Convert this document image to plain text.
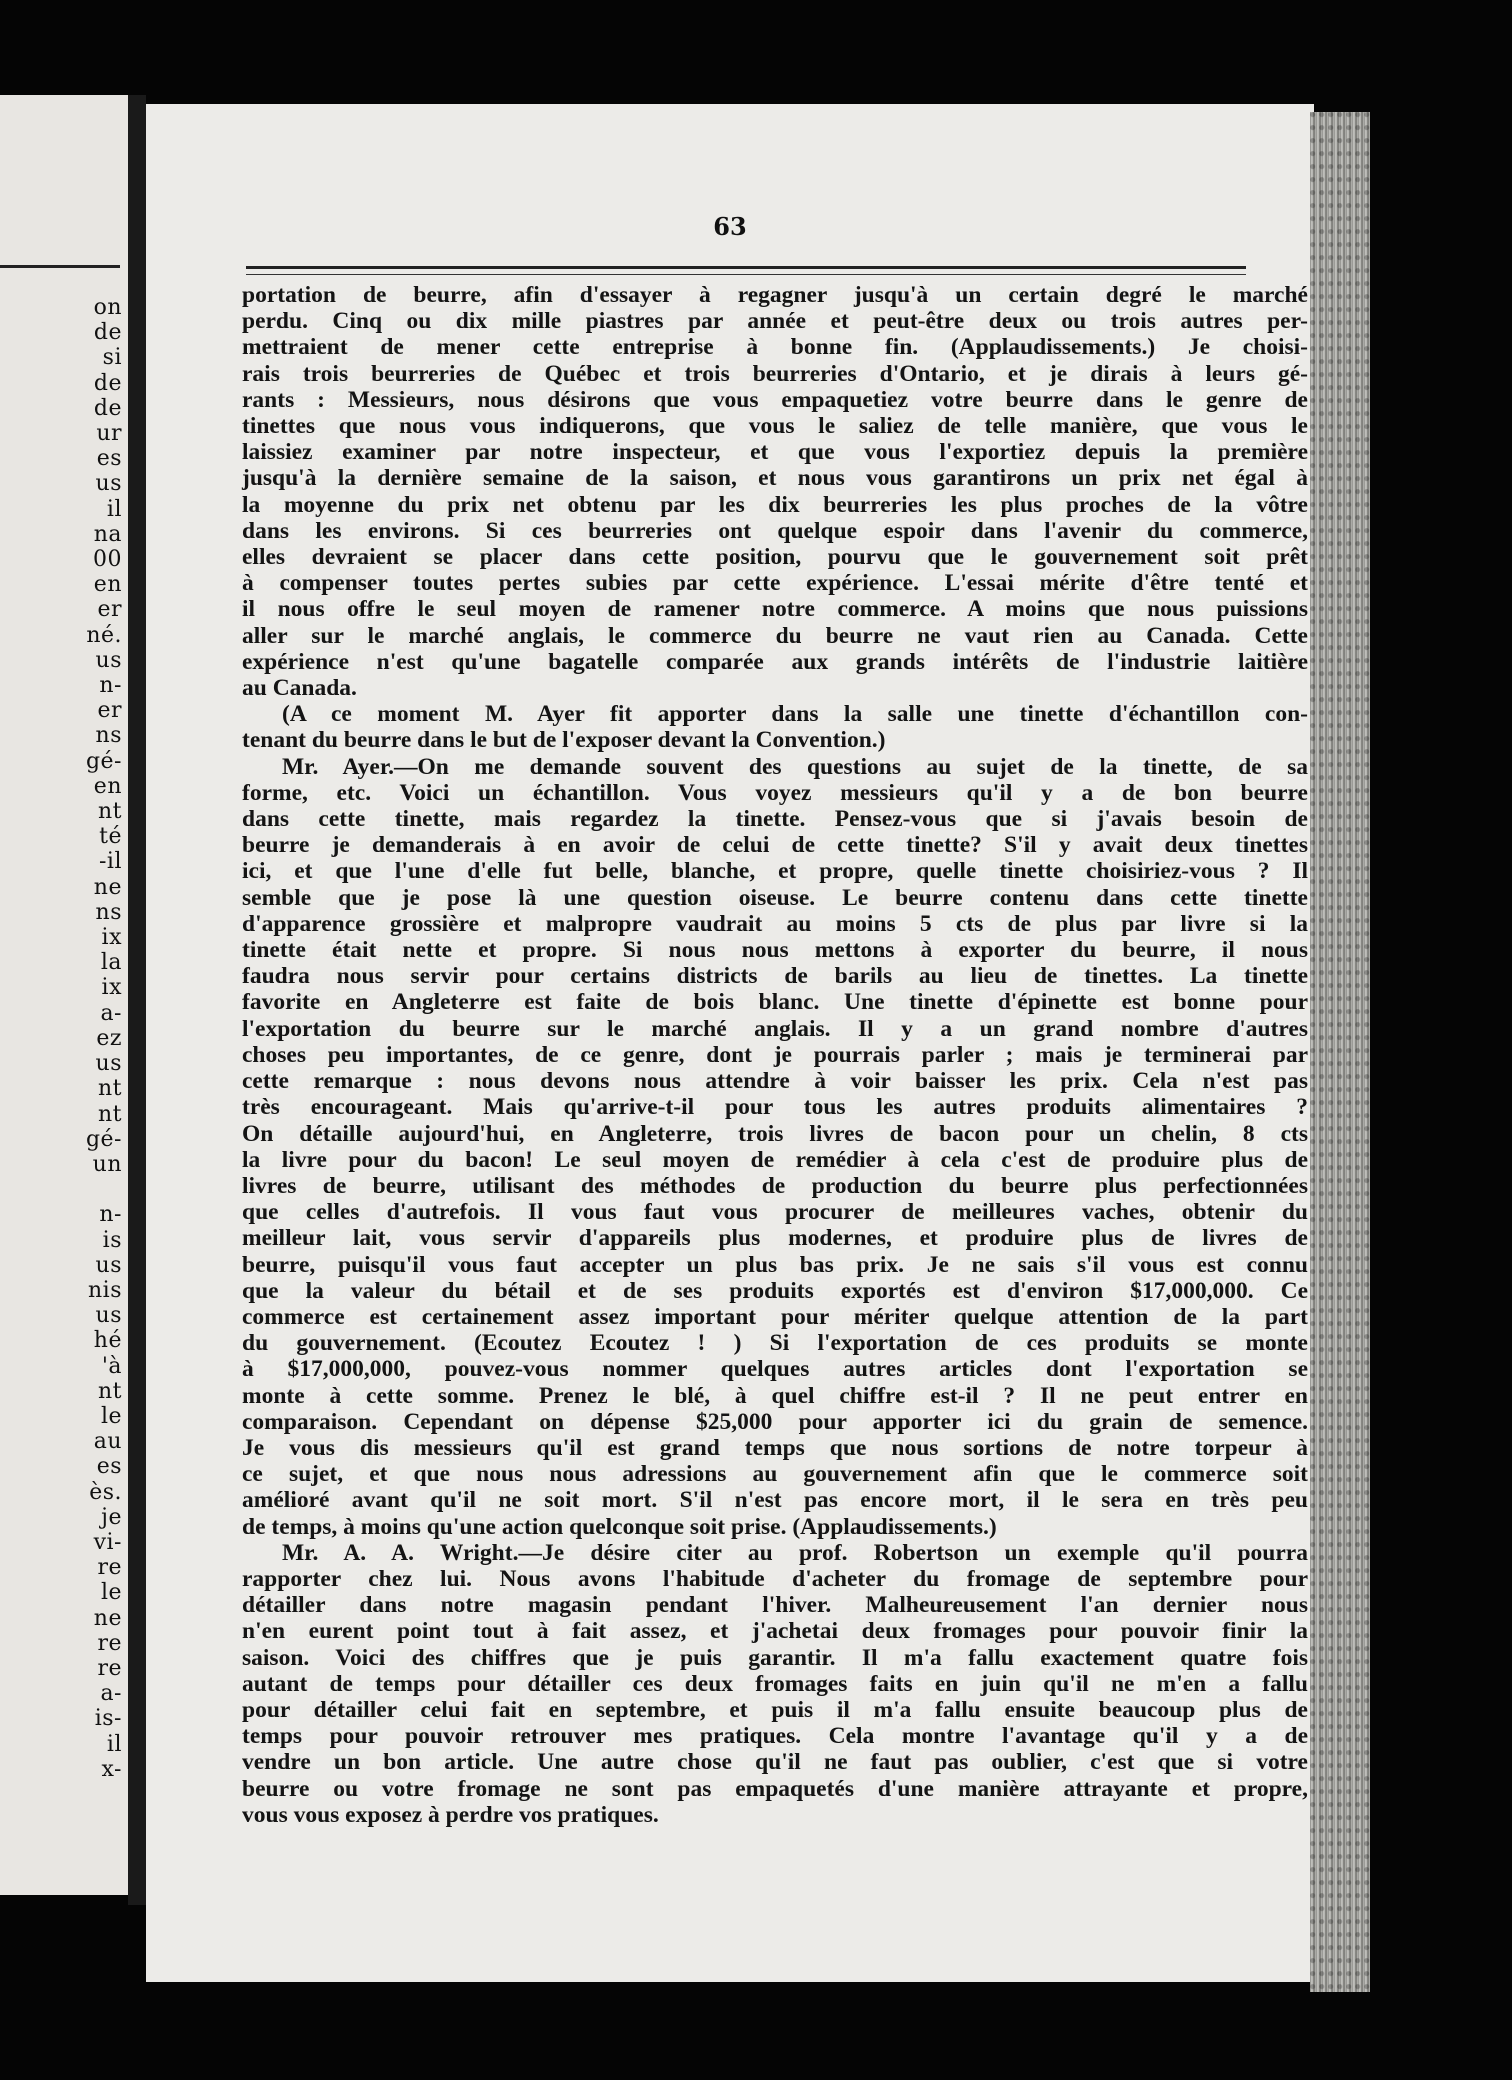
on
de
si
de
de
ur
es
us
il
na
00
en
er
né.
us
n-
er
ns
gé-
en
nt
té
-il
ne
ns
ix
la
ix
a-
ez
us
nt
nt
gé-
un

n-
is
us
nis
us
hé
'à
nt
le
au
es
ès.
je
vi-
re
le
ne
re
re
a-
is-
il
x-
63
portation de beurre, afin d'essayer à regagner jusqu'à un certain degré le marché
perdu. Cinq ou dix mille piastres par année et peut-être deux ou trois autres per-
mettraient de mener cette entreprise à bonne fin. (Applaudissements.) Je choisi-
rais trois beurreries de Québec et trois beurreries d'Ontario, et je dirais à leurs gé-
rants : Messieurs, nous désirons que vous empaquetiez votre beurre dans le genre de
tinettes que nous vous indiquerons, que vous le saliez de telle manière, que vous le
laissiez examiner par notre inspecteur, et que vous l'exportiez depuis la première
jusqu'à la dernière semaine de la saison, et nous vous garantirons un prix net égal à
la moyenne du prix net obtenu par les dix beurreries les plus proches de la vôtre
dans les environs. Si ces beurreries ont quelque espoir dans l'avenir du commerce,
elles devraient se placer dans cette position, pourvu que le gouvernement soit prêt
à compenser toutes pertes subies par cette expérience. L'essai mérite d'être tenté et
il nous offre le seul moyen de ramener notre commerce. A moins que nous puissions
aller sur le marché anglais, le commerce du beurre ne vaut rien au Canada. Cette
expérience n'est qu'une bagatelle comparée aux grands intérêts de l'industrie laitière
au Canada.
(A ce moment M. Ayer fit apporter dans la salle une tinette d'échantillon con-
tenant du beurre dans le but de l'exposer devant la Convention.)
Mr. Ayer.—On me demande souvent des questions au sujet de la tinette, de sa
forme, etc. Voici un échantillon. Vous voyez messieurs qu'il y a de bon beurre
dans cette tinette, mais regardez la tinette. Pensez-vous que si j'avais besoin de
beurre je demanderais à en avoir de celui de cette tinette? S'il y avait deux tinettes
ici, et que l'une d'elle fut belle, blanche, et propre, quelle tinette choisiriez-vous ? Il
semble que je pose là une question oiseuse. Le beurre contenu dans cette tinette
d'apparence grossière et malpropre vaudrait au moins 5 cts de plus par livre si la
tinette était nette et propre. Si nous nous mettons à exporter du beurre, il nous
faudra nous servir pour certains districts de barils au lieu de tinettes. La tinette
favorite en Angleterre est faite de bois blanc. Une tinette d'épinette est bonne pour
l'exportation du beurre sur le marché anglais. Il y a un grand nombre d'autres
choses peu importantes, de ce genre, dont je pourrais parler ; mais je terminerai par
cette remarque : nous devons nous attendre à voir baisser les prix. Cela n'est pas
très encourageant. Mais qu'arrive-t-il pour tous les autres produits alimentaires ?
On détaille aujourd'hui, en Angleterre, trois livres de bacon pour un chelin, 8 cts
la livre pour du bacon! Le seul moyen de remédier à cela c'est de produire plus de
livres de beurre, utilisant des méthodes de production du beurre plus perfectionnées
que celles d'autrefois. Il vous faut vous procurer de meilleures vaches, obtenir du
meilleur lait, vous servir d'appareils plus modernes, et produire plus de livres de
beurre, puisqu'il vous faut accepter un plus bas prix. Je ne sais s'il vous est connu
que la valeur du bétail et de ses produits exportés est d'environ $17,000,000. Ce
commerce est certainement assez important pour mériter quelque attention de la part
du gouvernement. (Ecoutez Ecoutez ! ) Si l'exportation de ces produits se monte
à $17,000,000, pouvez-vous nommer quelques autres articles dont l'exportation se
monte à cette somme. Prenez le blé, à quel chiffre est-il ? Il ne peut entrer en
comparaison. Cependant on dépense $25,000 pour apporter ici du grain de semence.
Je vous dis messieurs qu'il est grand temps que nous sortions de notre torpeur à
ce sujet, et que nous nous adressions au gouvernement afin que le commerce soit
amélioré avant qu'il ne soit mort. S'il n'est pas encore mort, il le sera en très peu
de temps, à moins qu'une action quelconque soit prise. (Applaudissements.)
Mr. A. A. Wright.—Je désire citer au prof. Robertson un exemple qu'il pourra
rapporter chez lui. Nous avons l'habitude d'acheter du fromage de septembre pour
détailler dans notre magasin pendant l'hiver. Malheureusement l'an dernier nous
n'en eurent point tout à fait assez, et j'achetai deux fromages pour pouvoir finir la
saison. Voici des chiffres que je puis garantir. Il m'a fallu exactement quatre fois
autant de temps pour détailler ces deux fromages faits en juin qu'il ne m'en a fallu
pour détailler celui fait en septembre, et puis il m'a fallu ensuite beaucoup plus de
temps pour pouvoir retrouver mes pratiques. Cela montre l'avantage qu'il y a de
vendre un bon article. Une autre chose qu'il ne faut pas oublier, c'est que si votre
beurre ou votre fromage ne sont pas empaquetés d'une manière attrayante et propre,
vous vous exposez à perdre vos pratiques.
